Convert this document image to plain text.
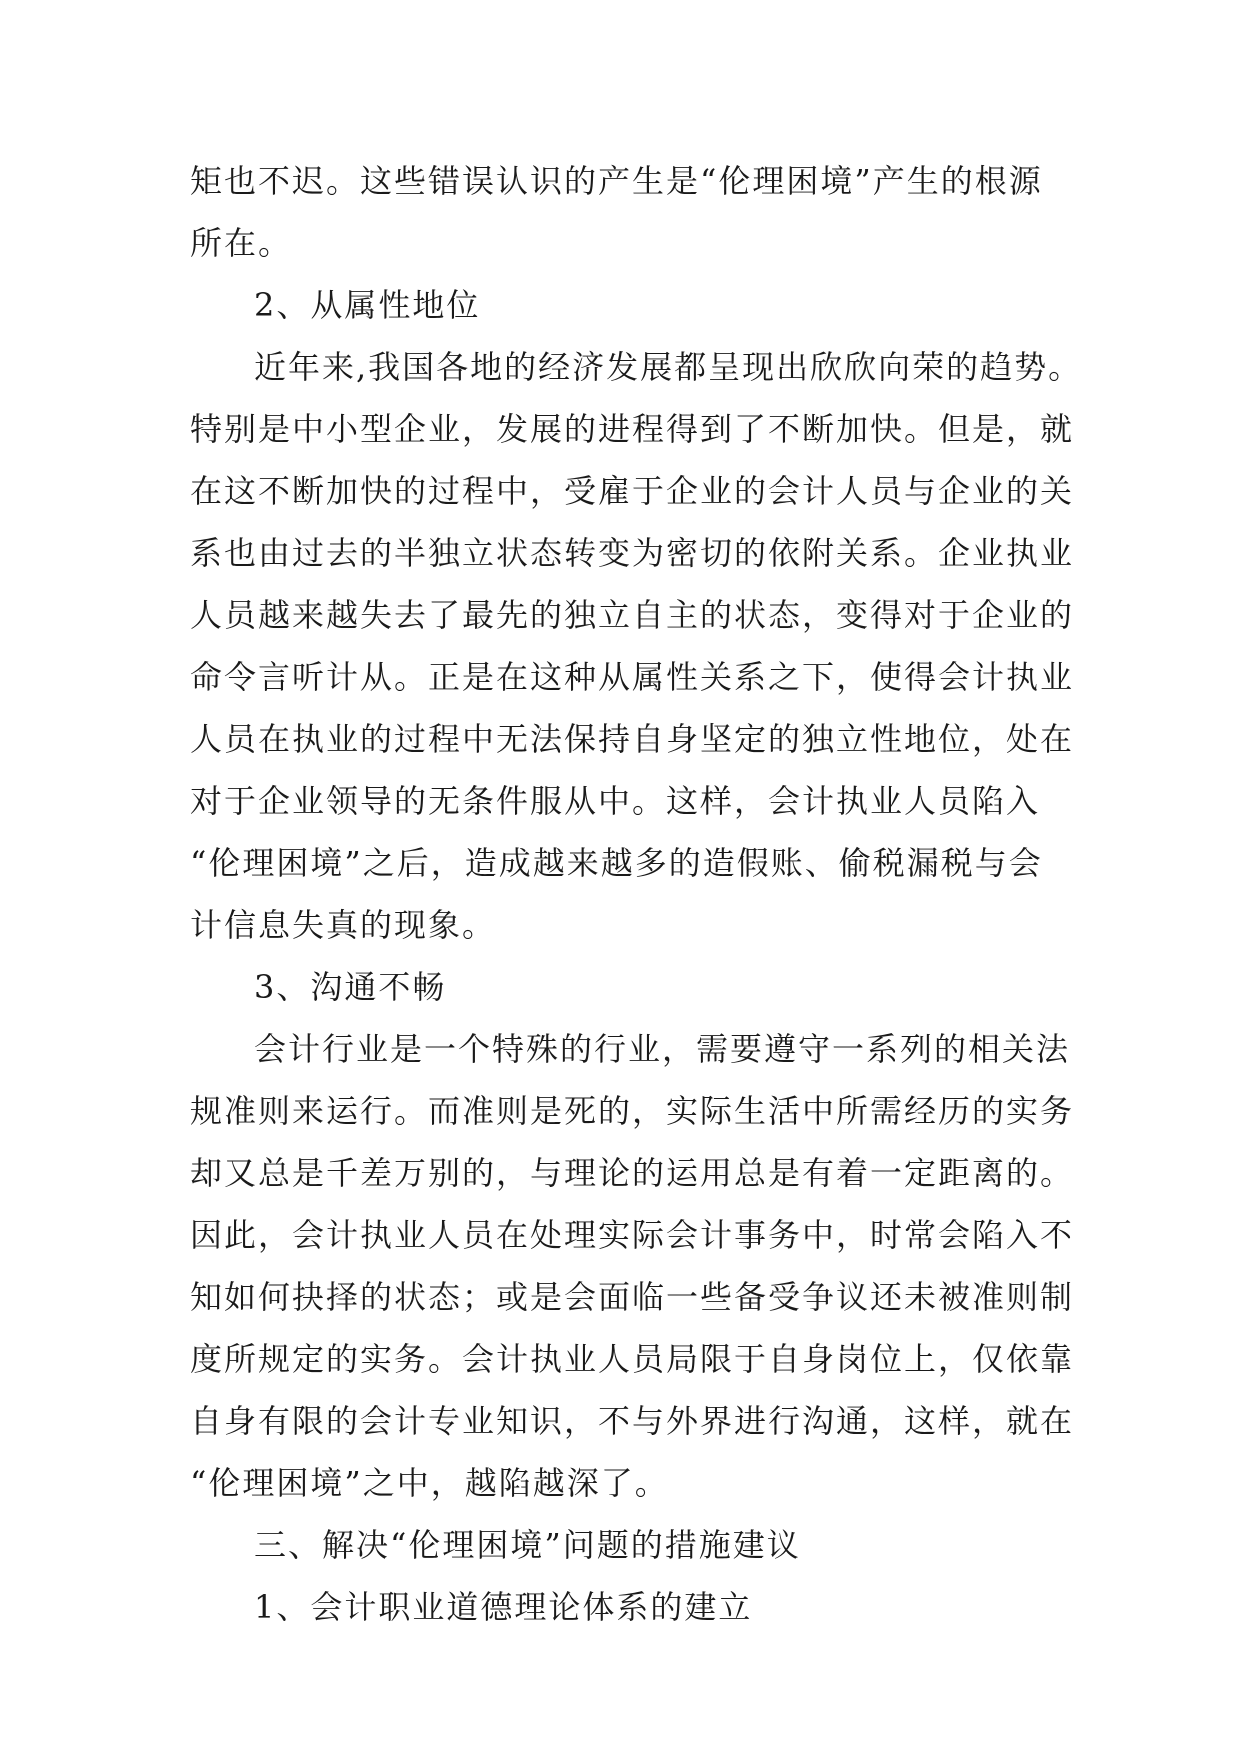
矩也不迟。这些错误认识的产生是“伦理困境”产生的根源
所在。
2、从属性地位
近年来,我国各地的经济发展都呈现出欣欣向荣的趋势。
特别是中小型企业，发展的进程得到了不断加快。但是，就
在这不断加快的过程中，受雇于企业的会计人员与企业的关
系也由过去的半独立状态转变为密切的依附关系。企业执业
人员越来越失去了最先的独立自主的状态，变得对于企业的
命令言听计从。正是在这种从属性关系之下，使得会计执业
人员在执业的过程中无法保持自身坚定的独立性地位，处在
对于企业领导的无条件服从中。这样，会计执业人员陷入
“伦理困境”之后，造成越来越多的造假账、偷税漏税与会
计信息失真的现象。
3、沟通不畅
会计行业是一个特殊的行业，需要遵守一系列的相关法
规准则来运行。而准则是死的，实际生活中所需经历的实务
却又总是千差万别的，与理论的运用总是有着一定距离的。
因此，会计执业人员在处理实际会计事务中，时常会陷入不
知如何抉择的状态；或是会面临一些备受争议还未被准则制
度所规定的实务。会计执业人员局限于自身岗位上，仅依靠
自身有限的会计专业知识，不与外界进行沟通，这样，就在
“伦理困境”之中，越陷越深了。
三、解决“伦理困境”问题的措施建议
1、会计职业道德理论体系的建立
